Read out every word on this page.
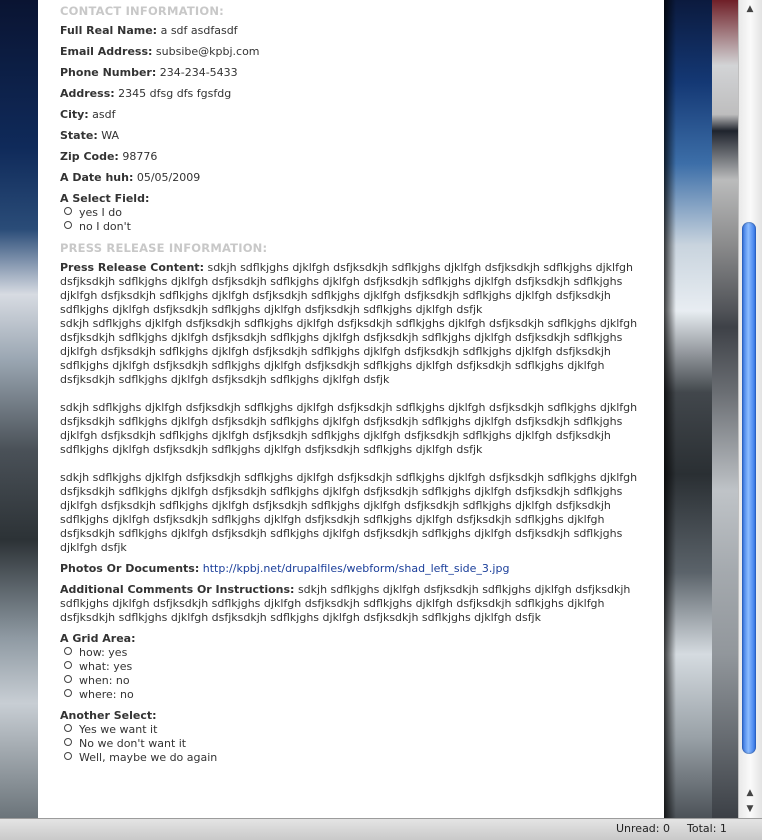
CONTACT INFORMATION:
Full Real Name: a sdf asdfasdf
Email Address: subsibe@kpbj.com
Phone Number: 234-234-5433
Address: 2345 dfsg dfs fgsfdg
City: asdf
State: WA
Zip Code: 98776
A Date huh: 05/05/2009
A Select Field:
yes I do
no I don't
PRESS RELEASE INFORMATION:
Press Release Content: sdkjh sdflkjghs djklfgh dsfjksdkjh sdflkjghs djklfgh dsfjksdkjh sdflkjghs djklfgh dsfjksdkjh sdflkjghs djklfgh dsfjksdkjh sdflkjghs djklfgh dsfjksdkjh sdflkjghs djklfgh dsfjksdkjh sdflkjghs djklfgh dsfjksdkjh sdflkjghs djklfgh dsfjksdkjh sdflkjghs djklfgh dsfjksdkjh sdflkjghs djklfgh dsfjksdkjh sdflkjghs djklfgh dsfjksdkjh sdflkjghs djklfgh dsfjksdkjh sdflkjghs djklfgh dsfjk
sdkjh sdflkjghs djklfgh dsfjksdkjh sdflkjghs djklfgh dsfjksdkjh sdflkjghs djklfgh dsfjksdkjh sdflkjghs djklfgh dsfjksdkjh sdflkjghs djklfgh dsfjksdkjh sdflkjghs djklfgh dsfjksdkjh sdflkjghs djklfgh dsfjksdkjh sdflkjghs djklfgh dsfjksdkjh sdflkjghs djklfgh dsfjksdkjh sdflkjghs djklfgh dsfjksdkjh sdflkjghs djklfgh dsfjksdkjh sdflkjghs djklfgh dsfjksdkjh sdflkjghs djklfgh dsfjksdkjh sdflkjghs djklfgh dsfjksdkjh sdflkjghs djklfgh dsfjksdkjh sdflkjghs djklfgh dsfjksdkjh sdflkjghs djklfgh dsfjk
sdkjh sdflkjghs djklfgh dsfjksdkjh sdflkjghs djklfgh dsfjksdkjh sdflkjghs djklfgh dsfjksdkjh sdflkjghs djklfgh dsfjksdkjh sdflkjghs djklfgh dsfjksdkjh sdflkjghs djklfgh dsfjksdkjh sdflkjghs djklfgh dsfjksdkjh sdflkjghs djklfgh dsfjksdkjh sdflkjghs djklfgh dsfjksdkjh sdflkjghs djklfgh dsfjksdkjh sdflkjghs djklfgh dsfjksdkjh sdflkjghs djklfgh dsfjksdkjh sdflkjghs djklfgh dsfjksdkjh sdflkjghs djklfgh dsfjk
sdkjh sdflkjghs djklfgh dsfjksdkjh sdflkjghs djklfgh dsfjksdkjh sdflkjghs djklfgh dsfjksdkjh sdflkjghs djklfgh dsfjksdkjh sdflkjghs djklfgh dsfjksdkjh sdflkjghs djklfgh dsfjksdkjh sdflkjghs djklfgh dsfjksdkjh sdflkjghs djklfgh dsfjksdkjh sdflkjghs djklfgh dsfjksdkjh sdflkjghs djklfgh dsfjksdkjh sdflkjghs djklfgh dsfjksdkjh sdflkjghs djklfgh dsfjksdkjh sdflkjghs djklfgh dsfjksdkjh sdflkjghs djklfgh dsfjksdkjh sdflkjghs djklfgh dsfjksdkjh sdflkjghs djklfgh dsfjksdkjh sdflkjghs djklfgh dsfjksdkjh sdflkjghs djklfgh dsfjksdkjh sdflkjghs djklfgh dsfjk
Photos Or Documents: http://kpbj.net/drupalfiles/webform/shad_left_side_3.jpg
Additional Comments Or Instructions: sdkjh sdflkjghs djklfgh dsfjksdkjh sdflkjghs djklfgh dsfjksdkjh sdflkjghs djklfgh dsfjksdkjh sdflkjghs djklfgh dsfjksdkjh sdflkjghs djklfgh dsfjksdkjh sdflkjghs djklfgh dsfjksdkjh sdflkjghs djklfgh dsfjksdkjh sdflkjghs djklfgh dsfjksdkjh sdflkjghs djklfgh dsfjk
A Grid Area:
how: yes
what: yes
when: no
where: no
Another Select:
Yes we want it
No we don't want it
Well, maybe we do again
▲
▲
▼
Unread: 0 Total: 1
